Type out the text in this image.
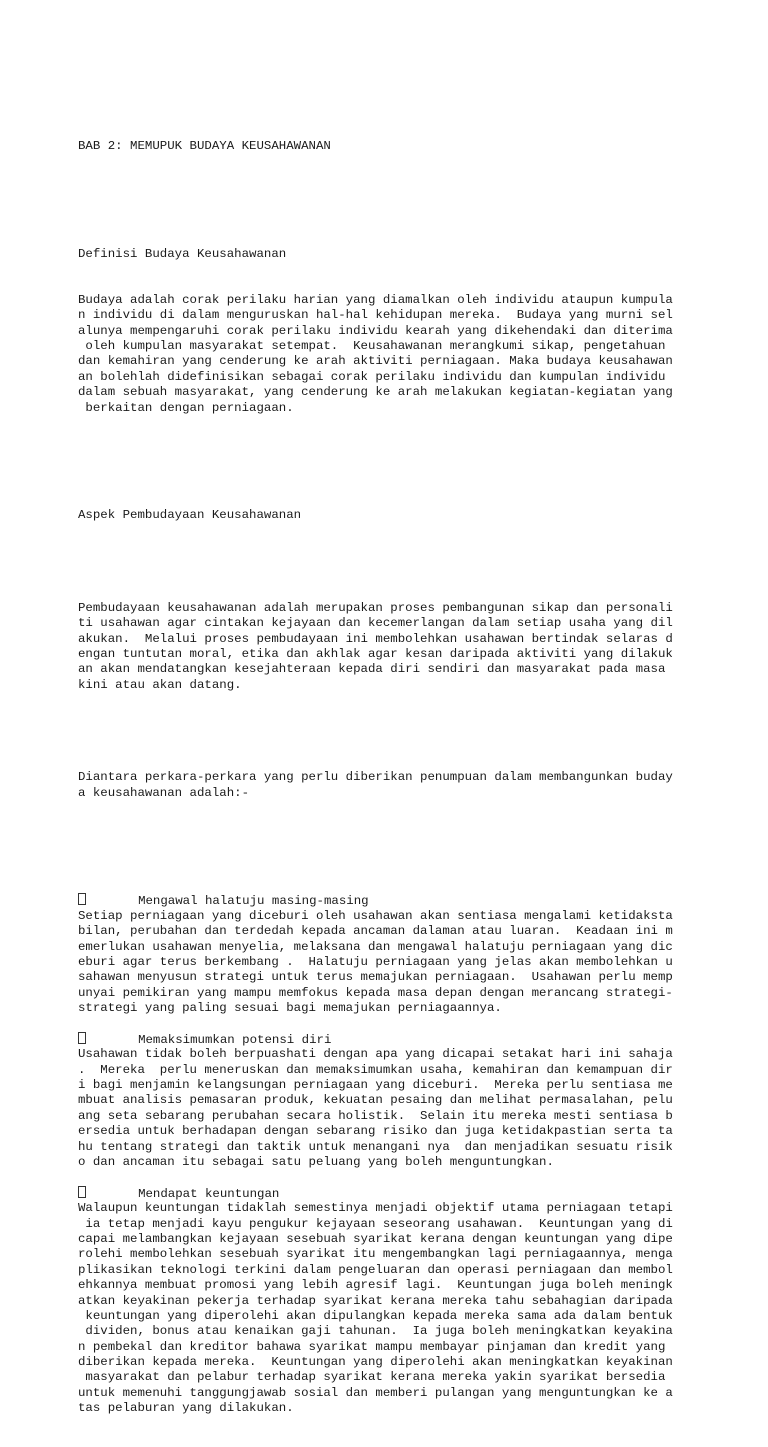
BAB 2: MEMUPUK BUDAYA KEUSAHAWANAN

Definisi Budaya Keusahawanan

Budaya adalah corak perilaku harian yang diamalkan oleh individu ataupun kumpula
n individu di dalam menguruskan hal-hal kehidupan mereka.  Budaya yang murni sel
alunya mempengaruhi corak perilaku individu kearah yang dikehendaki dan diterima
oleh kumpulan masyarakat setempat.  Keusahawanan merangkumi sikap, pengetahuan
dan kemahiran yang cenderung ke arah aktiviti perniagaan. Maka budaya keusahawan
an bolehlah didefinisikan sebagai corak perilaku individu dan kumpulan individu
dalam sebuah masyarakat, yang cenderung ke arah melakukan kegiatan-kegiatan yang
berkaitan dengan perniagaan.

Aspek Pembudayaan Keusahawanan

Pembudayaan keusahawanan adalah merupakan proses pembangunan sikap dan personali
ti usahawan agar cintakan kejayaan dan kecemerlangan dalam setiap usaha yang dil
akukan.  Melalui proses pembudayaan ini membolehkan usahawan bertindak selaras d
engan tuntutan moral, etika dan akhlak agar kesan daripada aktiviti yang dilakuk
an akan mendatangkan kesejahteraan kepada diri sendiri dan masyarakat pada masa
kini atau akan datang.

Diantara perkara-perkara yang perlu diberikan penumpuan dalam membangunkan buday
a keusahawanan adalah:-

Mengawal halatuju masing-masing
Setiap perniagaan yang diceburi oleh usahawan akan sentiasa mengalami ketidaksta
bilan, perubahan dan terdedah kepada ancaman dalaman atau luaran.  Keadaan ini m
emerlukan usahawan menyelia, melaksana dan mengawal halatuju perniagaan yang dic
eburi agar terus berkembang .  Halatuju perniagaan yang jelas akan membolehkan u
sahawan menyusun strategi untuk terus memajukan perniagaan.  Usahawan perlu memp
unyai pemikiran yang mampu memfokus kepada masa depan dengan merancang strategi-
strategi yang paling sesuai bagi memajukan perniagaannya.
Memaksimumkan potensi diri
Usahawan tidak boleh berpuashati dengan apa yang dicapai setakat hari ini sahaja
.  Mereka  perlu meneruskan dan memaksimumkan usaha, kemahiran dan kemampuan dir
i bagi menjamin kelangsungan perniagaan yang diceburi.  Mereka perlu sentiasa me
mbuat analisis pemasaran produk, kekuatan pesaing dan melihat permasalahan, pelu
ang seta sebarang perubahan secara holistik.  Selain itu mereka mesti sentiasa b
ersedia untuk berhadapan dengan sebarang risiko dan juga ketidakpastian serta ta
hu tentang strategi dan taktik untuk menangani nya  dan menjadikan sesuatu risik
o dan ancaman itu sebagai satu peluang yang boleh menguntungkan.
Mendapat keuntungan
Walaupun keuntungan tidaklah semestinya menjadi objektif utama perniagaan tetapi
ia tetap menjadi kayu pengukur kejayaan seseorang usahawan.  Keuntungan yang di
capai melambangkan kejayaan sesebuah syarikat kerana dengan keuntungan yang dipe
rolehi membolehkan sesebuah syarikat itu mengembangkan lagi perniagaannya, menga
plikasikan teknologi terkini dalam pengeluaran dan operasi perniagaan dan membol
ehkannya membuat promosi yang lebih agresif lagi.  Keuntungan juga boleh meningk
atkan keyakinan pekerja terhadap syarikat kerana mereka tahu sebahagian daripada
keuntungan yang diperolehi akan dipulangkan kepada mereka sama ada dalam bentuk
dividen, bonus atau kenaikan gaji tahunan.  Ia juga boleh meningkatkan keyakina
n pembekal dan kreditor bahawa syarikat mampu membayar pinjaman dan kredit yang
diberikan kepada mereka.  Keuntungan yang diperolehi akan meningkatkan keyakinan
masyarakat dan pelabur terhadap syarikat kerana mereka yakin syarikat bersedia
untuk memenuhi tanggungjawab sosial dan memberi pulangan yang menguntungkan ke a
tas pelaburan yang dilakukan.
